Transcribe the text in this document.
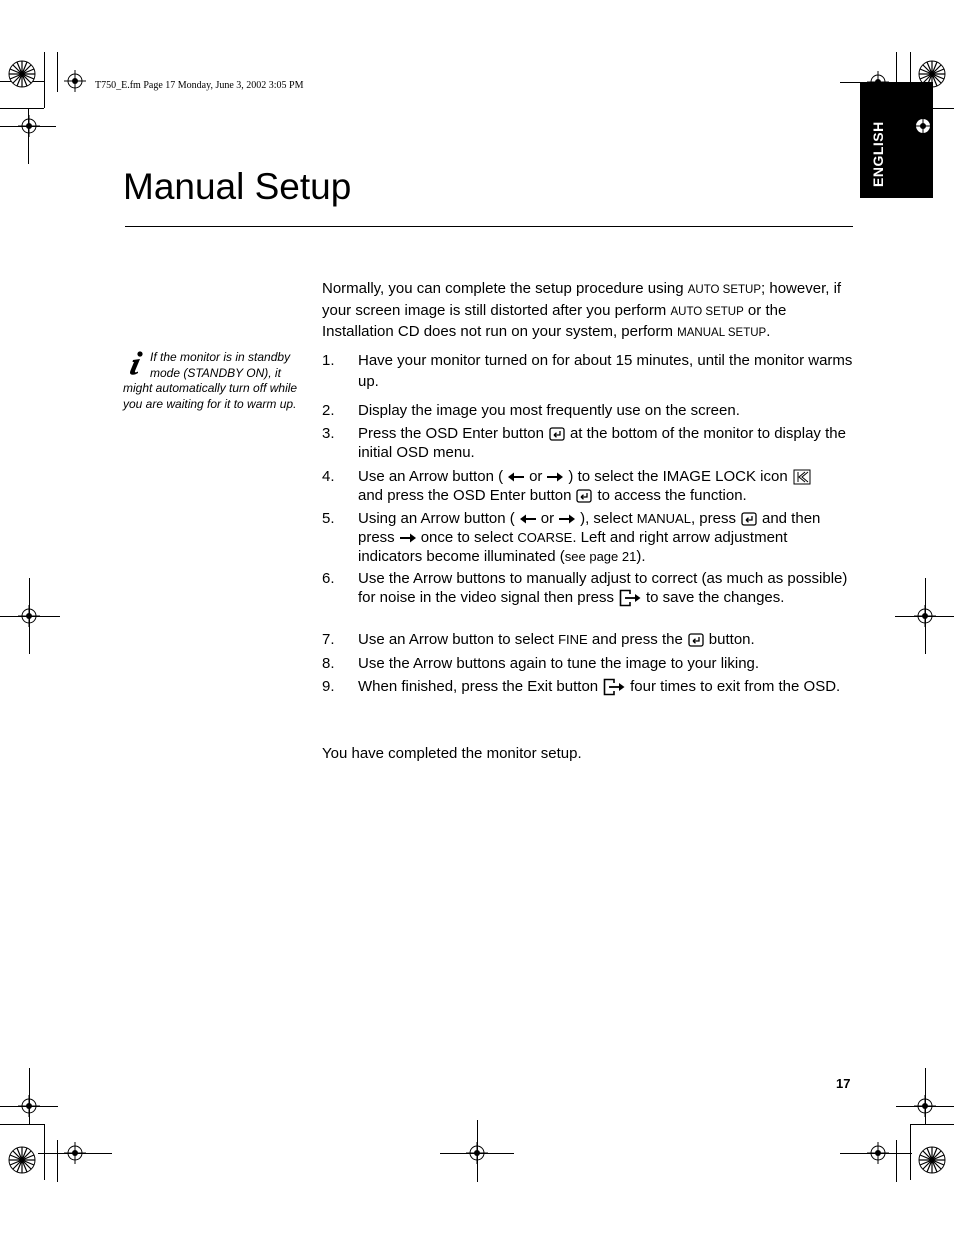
T750_E.fm Page 17 Monday, June 3, 2002 3:05 PM
ENGLISH
Manual Setup
Normally, you can complete the setup procedure using AUTO SETUP; however, if your screen image is still distorted after you perform AUTO SETUP or the Installation CD does not run on your system, perform MANUAL SETUP.
If the monitor is in standby mode (STANDBY ON), it might automatically turn off while you are waiting for it to warm up.
1.	Have your monitor turned on for about 15 minutes, until the monitor warms up.
2.	Display the image you most frequently use on the screen.
3.	Press the OSD Enter button at the bottom of the monitor to display the initial OSD menu.
4.	Use an Arrow button ( or ) to select the IMAGE LOCK icon
and press the OSD Enter button to access the function.
5.	Using an Arrow button ( or ), select MANUAL, press and then press once to select COARSE. Left and right arrow adjustment indicators become illuminated (see page 21).
6.	Use the Arrow buttons to manually adjust to correct (as much as possible) for noise in the video signal then press to save the changes.
7.	Use an Arrow button to select FINE and press the button.
8.	Use the Arrow buttons again to tune the image to your liking.
9.	When finished, press the Exit button four times to exit from the OSD.
You have completed the monitor setup.
17
